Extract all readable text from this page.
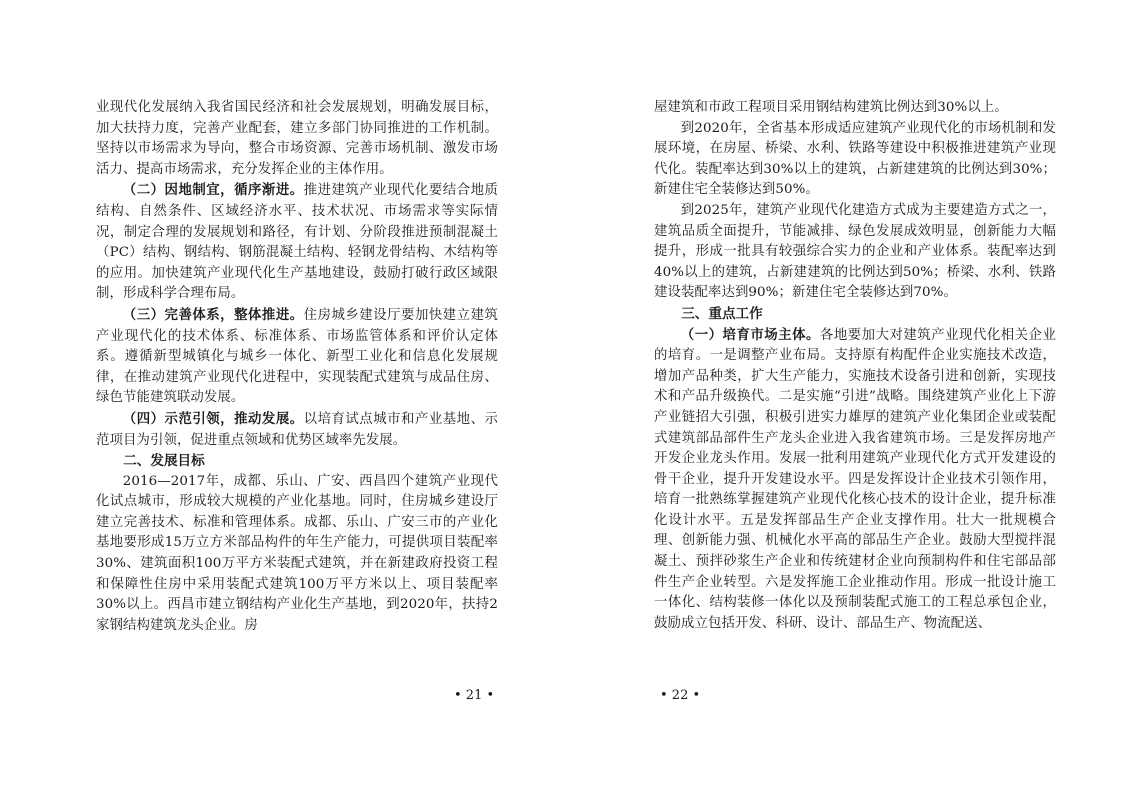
业现代化发展纳入我省国民经济和社会发展规划，明确发展目标，加大扶持力度，完善产业配套，建立多部门协同推进的工作机制。坚持以市场需求为导向，整合市场资源、完善市场机制、激发市场活力、提高市场需求，充分发挥企业的主体作用。

（二）因地制宜，循序渐进。推进建筑产业现代化要结合地质结构、自然条件、区域经济水平、技术状况、市场需求等实际情况，制定合理的发展规划和路径，有计划、分阶段推进预制混凝土（PC）结构、钢结构、钢筋混凝土结构、轻钢龙骨结构、木结构等的应用。加快建筑产业现代化生产基地建设，鼓励打破行政区域限制，形成科学合理布局。

（三）完善体系，整体推进。住房城乡建设厅要加快建立建筑产业现代化的技术体系、标准体系、市场监管体系和评价认定体系。遵循新型城镇化与城乡一体化、新型工业化和信息化发展规律，在推动建筑产业现代化进程中，实现装配式建筑与成品住房、绿色节能建筑联动发展。

（四）示范引领，推动发展。以培育试点城市和产业基地、示范项目为引领，促进重点领域和优势区域率先发展。

二、发展目标

2016—2017年，成都、乐山、广安、西昌四个建筑产业现代化试点城市，形成较大规模的产业化基地。同时，住房城乡建设厅建立完善技术、标准和管理体系。成都、乐山、广安三市的产业化基地要形成15万立方米部品构件的年生产能力，可提供项目装配率30%、建筑面积100万平方米装配式建筑，并在新建政府投资工程和保障性住房中采用装配式建筑100万平方米以上、项目装配率30%以上。西昌市建立钢结构产业化生产基地，到2020年，扶持2家钢结构建筑龙头企业。房

屋建筑和市政工程项目采用钢结构建筑比例达到30%以上。

到2020年，全省基本形成适应建筑产业现代化的市场机制和发展环境，在房屋、桥梁、水利、铁路等建设中积极推进建筑产业现代化。装配率达到30%以上的建筑，占新建建筑的比例达到30%；新建住宅全装修达到50%。

到2025年，建筑产业现代化建造方式成为主要建造方式之一，建筑品质全面提升，节能减排、绿色发展成效明显，创新能力大幅提升，形成一批具有较强综合实力的企业和产业体系。装配率达到40%以上的建筑，占新建建筑的比例达到50%；桥梁、水利、铁路建设装配率达到90%；新建住宅全装修达到70%。

三、重点工作

（一）培育市场主体。各地要加大对建筑产业现代化相关企业的培育。一是调整产业布局。支持原有构配件企业实施技术改造，增加产品种类，扩大生产能力，实施技术设备引进和创新，实现技术和产品升级换代。二是实施“引进”战略。围绕建筑产业化上下游产业链招大引强，积极引进实力雄厚的建筑产业化集团企业或装配式建筑部品部件生产龙头企业进入我省建筑市场。三是发挥房地产开发企业龙头作用。发展一批利用建筑产业现代化方式开发建设的骨干企业，提升开发建设水平。四是发挥设计企业技术引领作用，培育一批熟练掌握建筑产业现代化核心技术的设计企业，提升标准化设计水平。五是发挥部品生产企业支撑作用。壮大一批规模合理、创新能力强、机械化水平高的部品生产企业。鼓励大型搅拌混凝土、预拌砂浆生产企业和传统建材企业向预制构件和住宅部品部件生产企业转型。六是发挥施工企业推动作用。形成一批设计施工一体化、结构装修一体化以及预制装配式施工的工程总承包企业，鼓励成立包括开发、科研、设计、部品生产、物流配送、

• 21 •	• 22 •
